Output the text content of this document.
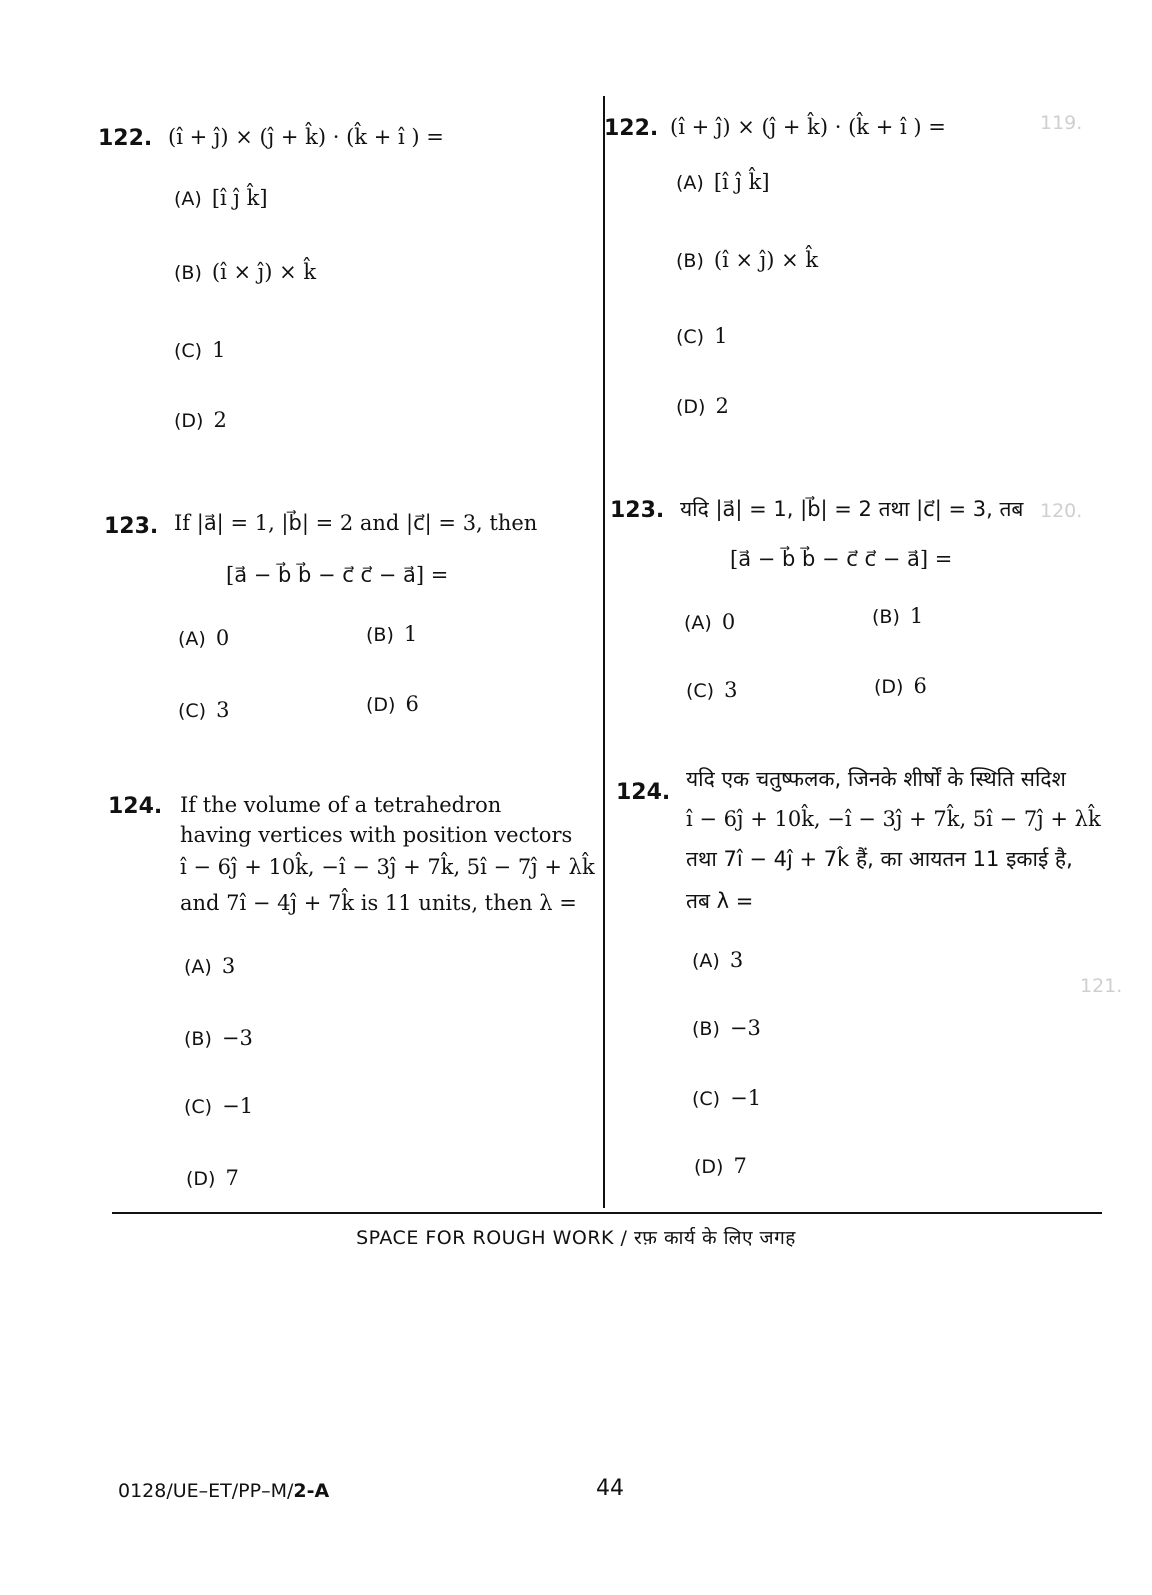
119.
120.
121.
122. (î + ĵ) × (ĵ + k̂) · (k̂ + î ) =
(A) [î ĵ k̂]
(B) (î × ĵ) × k̂
(C) 1
(D) 2
123. If |a⃗| = 1, |b⃗| = 2 and |c⃗| = 3, then
[a⃗ − b⃗ b⃗ − c⃗ c⃗ − a⃗] =
(A) 0	(B) 1
(C) 3	(D) 6
124. If the volume of a tetrahedron
having vertices with position vectors
î − 6ĵ + 10k̂, −î − 3ĵ + 7k̂, 5î − 7ĵ + λk̂
and 7î − 4ĵ + 7k̂ is 11 units, then λ =
(A) 3
(B) −3
(C) −1
(D) 7
122. (î + ĵ) × (ĵ + k̂) · (k̂ + î ) =
(A) [î ĵ k̂]
(B) (î × ĵ) × k̂
(C) 1
(D) 2
123. यदि |a⃗| = 1, |b⃗| = 2 तथा |c⃗| = 3, तब
[a⃗ − b⃗ b⃗ − c⃗ c⃗ − a⃗] =
(A) 0	(B) 1
(C) 3	(D) 6
124.
यदि एक चतुष्फलक, जिनके शीर्षों के स्थिति सदिश
î − 6ĵ + 10k̂, −î − 3ĵ + 7k̂, 5î − 7ĵ + λk̂
तथा 7î − 4ĵ + 7k̂ हैं, का आयतन 11 इकाई है,
तब λ =
(A) 3
(B) −3
(C) −1
(D) 7
SPACE FOR ROUGH WORK / रफ़ कार्य के लिए जगह
0128/UE–ET/PP–M/2-A	44
